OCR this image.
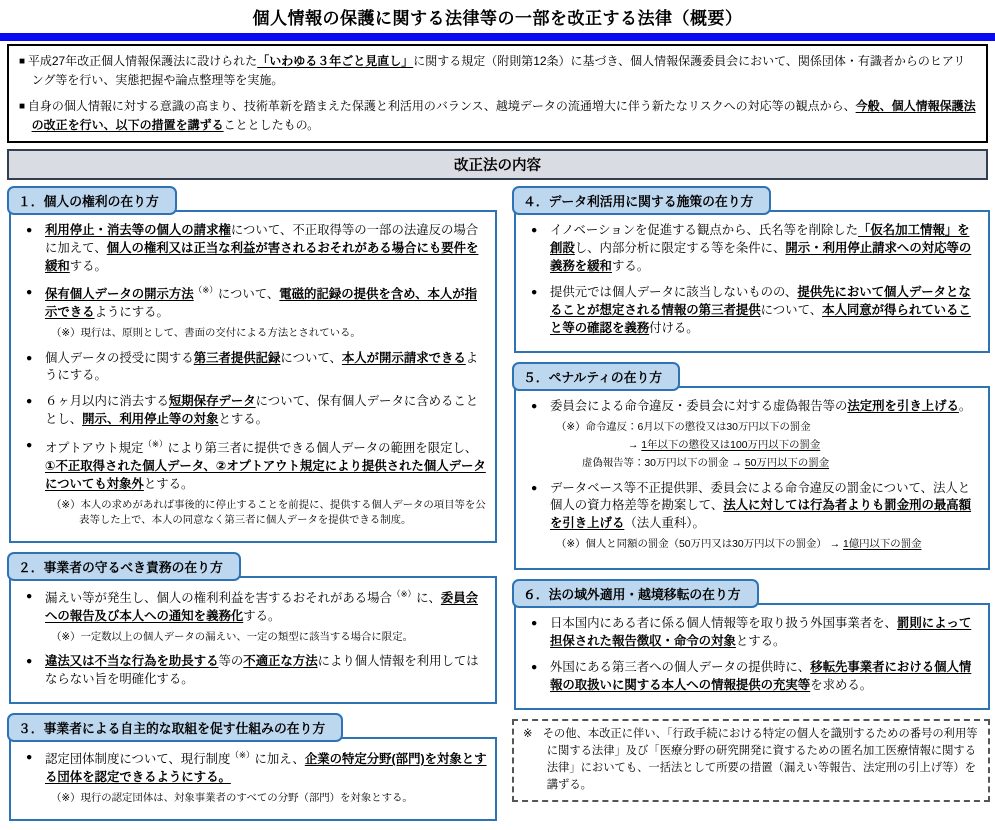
個人情報の保護に関する法律等の一部を改正する法律（概要）
■ 平成27年改正個人情報保護法に設けられた「いわゆる３年ごと見直し」に関する規定（附則第12条）に基づき、個人情報保護委員会において、関係団体・有識者からのヒアリング等を行い、実態把握や論点整理等を実施。
■ 自身の個人情報に対する意識の高まり、技術革新を踏まえた保護と利活用のバランス、越境データの流通増大に伴う新たなリスクへの対応等の観点から、今般、個人情報保護法の改正を行い、以下の措置を講ずることとしたもの。
改正法の内容
１．個人の権利の在り方
● 利用停止・消去等の個人の請求権について、不正取得等の一部の法違反の場合に加えて、個人の権利又は正当な利益が害されるおそれがある場合にも要件を緩和する。
● 保有個人データの開示方法（※）について、電磁的記録の提供を含め、本人が指示できるようにする。
（※）現行は、原則として、書面の交付による方法とされている。
● 個人データの授受に関する第三者提供記録について、本人が開示請求できるようにする。
● ６ヶ月以内に消去する短期保存データについて、保有個人データに含めることとし、開示、利用停止等の対象とする。
● オプトアウト規定（※）により第三者に提供できる個人データの範囲を限定し、①不正取得された個人データ、②オプトアウト規定により提供された個人データについても対象外とする。
（※）本人の求めがあれば事後的に停止することを前提に、提供する個人データの項目等を公表等した上で、本人の同意なく第三者に個人データを提供できる制度。
２．事業者の守るべき責務の在り方
● 漏えい等が発生し、個人の権利利益を害するおそれがある場合（※）に、委員会への報告及び本人への通知を義務化する。
（※）一定数以上の個人データの漏えい、一定の類型に該当する場合に限定。
● 違法又は不当な行為を助長する等の不適正な方法により個人情報を利用してはならない旨を明確化する。
３．事業者による自主的な取組を促す仕組みの在り方
● 認定団体制度について、現行制度（※）に加え、企業の特定分野(部門)を対象とする団体を認定できるようにする。
（※）現行の認定団体は、対象事業者のすべての分野（部門）を対象とする。
４．データ利活用に関する施策の在り方
● イノベーションを促進する観点から、氏名等を削除した「仮名加工情報」を創設し、内部分析に限定する等を条件に、開示・利用停止請求への対応等の義務を緩和する。
● 提供元では個人データに該当しないものの、提供先において個人データとなることが想定される情報の第三者提供について、本人同意が得られていること等の確認を義務付ける。
５．ペナルティの在り方
● 委員会による命令違反・委員会に対する虚偽報告等の法定刑を引き上げる。
（※）命令違反：6月以下の懲役又は30万円以下の罰金
→ 1年以下の懲役又は100万円以下の罰金
虚偽報告等：30万円以下の罰金 → 50万円以下の罰金
● データベース等不正提供罪、委員会による命令違反の罰金について、法人と個人の資力格差等を勘案して、法人に対しては行為者よりも罰金刑の最高額を引き上げる（法人重科）。
（※）個人と同額の罰金（50万円又は30万円以下の罰金） → 1億円以下の罰金
６．法の域外適用・越境移転の在り方
● 日本国内にある者に係る個人情報等を取り扱う外国事業者を、罰則によって担保された報告徴収・命令の対象とする。
● 外国にある第三者への個人データの提供時に、移転先事業者における個人情報の取扱いに関する本人への情報提供の充実等を求める。
※ その他、本改正に伴い、「行政手続における特定の個人を識別するための番号の利用等に関する法律」及び「医療分野の研究開発に資するための匿名加工医療情報に関する法律」においても、一括法として所要の措置（漏えい等報告、法定刑の引上げ等）を講ずる。
